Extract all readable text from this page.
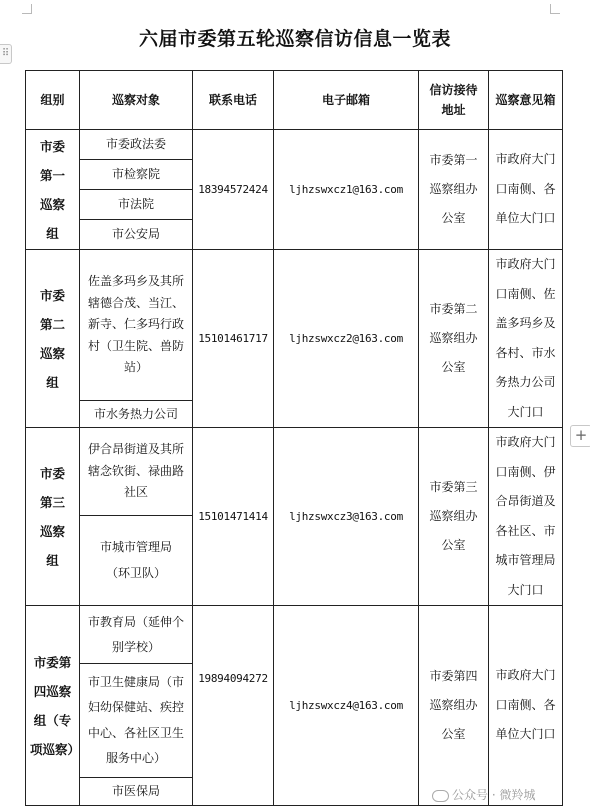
⠿
+
六届市委第五轮巡察信访信息一览表
组别	巡察对象	联系电话	电子邮箱	信访接待地址	巡察意见箱
市委第一巡察组	市委政法委	18394572424	ljhzswxcz1@163.com	市委第一巡察组办公室	市政府大门口南侧、各单位大门口
	市检察院				
	市法院				
	市公安局				
市委第二巡察组	佐盖多玛乡及其所辖德合茂、当江、新寺、仁多玛行政村（卫生院、兽防站）	15101461717	ljhzswxcz2@163.com	市委第二巡察组办公室	市政府大门口南侧、佐盖多玛乡及各村、市水务热力公司大门口
	市水务热力公司				
市委第三巡察组	伊合昂街道及其所辖念钦街、禄曲路社区	15101471414	ljhzswxcz3@163.com	市委第三巡察组办公室	市政府大门口南侧、伊合昂街道及各社区、市城市管理局大门口
	市城市管理局（环卫队）				
市委第四巡察组（专项巡察）	市教育局（延伸个别学校）	19894094272	ljhzswxcz4@163.com	市委第四巡察组办公室	市政府大门口南侧、各单位大门口
	市卫生健康局（市妇幼保健站、疾控中心、各社区卫生服务中心）				
	市医保局					公众号 · 微羚城
